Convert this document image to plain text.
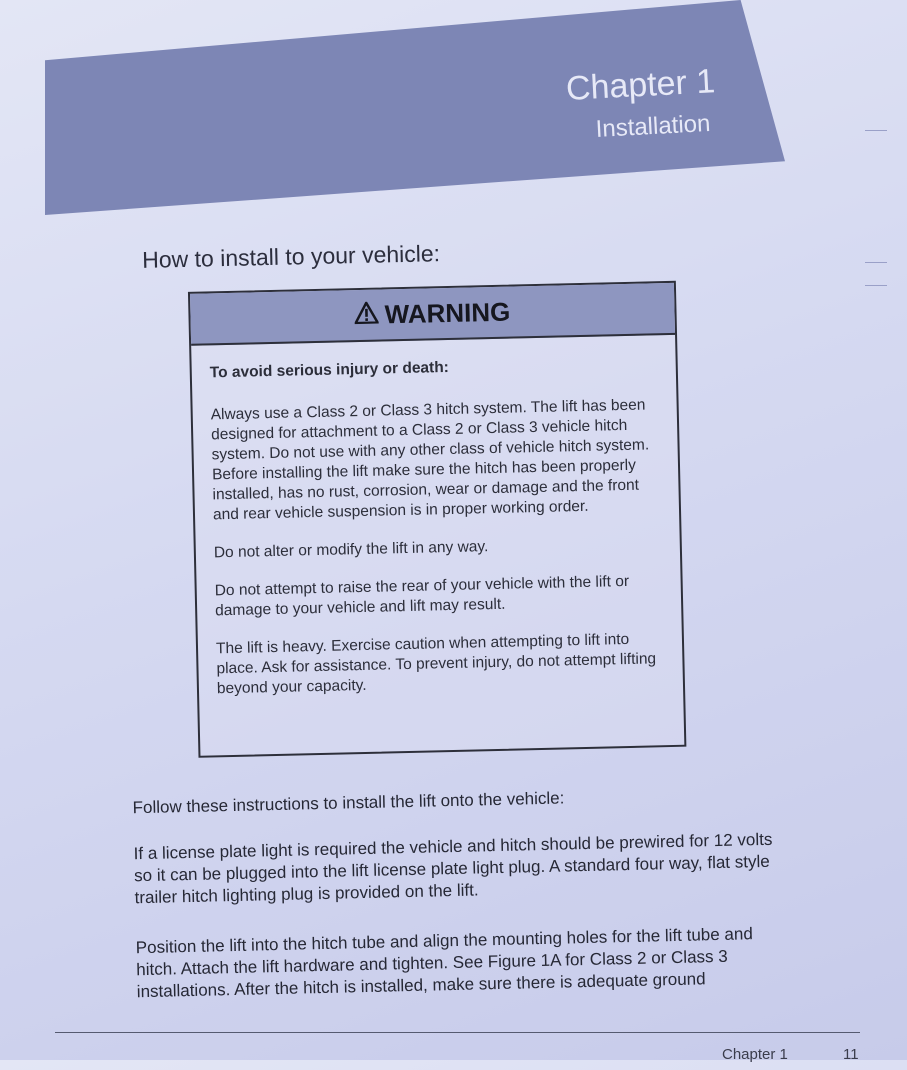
Chapter 1
Installation
How to install to your vehicle:
WARNING

To avoid serious injury or death:

Always use a Class 2 or Class 3 hitch system. The lift has been designed for attachment to a Class 2 or Class 3 vehicle hitch system. Do not use with any other class of vehicle hitch system. Before installing the lift make sure the hitch has been properly installed, has no rust, corrosion, wear or damage and the front and rear vehicle suspension is in proper working order.

Do not alter or modify the lift in any way.

Do not attempt to raise the rear of your vehicle with the lift or damage to your vehicle and lift may result.

The lift is heavy. Exercise caution when attempting to lift into place. Ask for assistance. To prevent injury, do not attempt lifting beyond your capacity.

Follow these instructions to install the lift onto the vehicle:

If a license plate light is required the vehicle and hitch should be prewired for 12 volts so it can be plugged into the lift license plate light plug. A standard four way, flat style trailer hitch lighting plug is provided on the lift.

Position the lift into the hitch tube and align the mounting holes for the lift tube and hitch. Attach the lift hardware and tighten. See Figure 1A for Class 2 or Class 3 installations. After the hitch is installed, make sure there is adequate ground

Chapter 1	11
